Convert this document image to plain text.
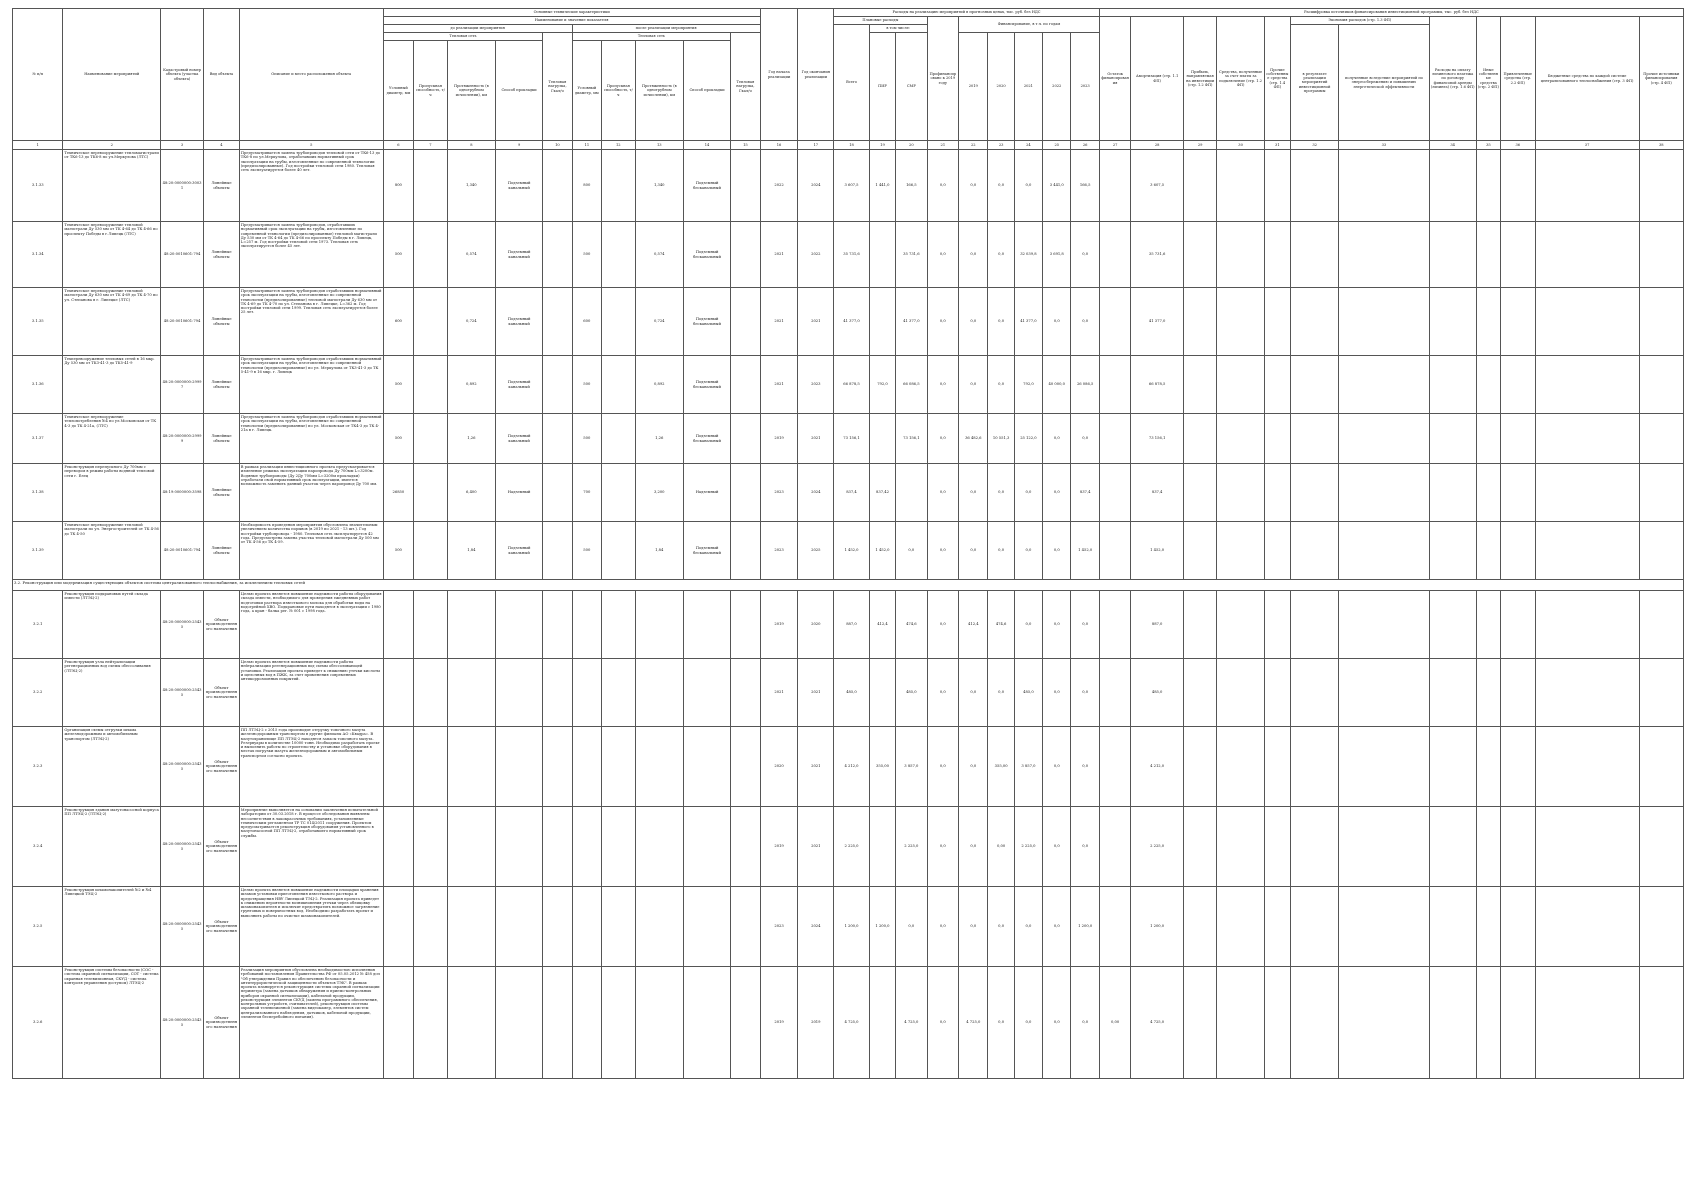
№ п/п	Наименование мероприятий	Кадастровый номер объекта (участка объекта)	Вид объекта	Описание и место расположения объекта	Основные технические характеристики										Год начала реализации	Год окончания реализации	Расходы на реализацию мероприятий в прогнозных ценах, тыс. руб. без НДС									Расшифровка источников финансирования инвестиционной программы, тыс. руб. без НДС											
					Наименование и значение показателя												Плановые расходы			Профинансировано к 2019 году	Финансирование, в т.ч. по годам					Остаток финансирования	Амортизация (стр. 1.1 ФП)	Прибыль, направляемая на инвестиции (стр. 1.2 ФП)	Средства, полученные за счет платы за подключение (стр. 1.2 ФП)	Прочие собственные средства (стр. 1.4 ФП)	Экономия расходов (стр. 1.3 ФП)		Расходы на оплату лизингового платежа по договору финансовой аренды (лизинга) (стр. 1.6 ФП)	Иные собственные средства (стр. 2 ФП)	Привлеченные средства (стр. 2.2 ФП)	Бюджетные средства по каждой системе централизованного теплоснабжения (стр. 3 ФП)	Прочие источники финансирования (стр. 4 ФП)
					до реализации мероприятия					после реализации мероприятия							Всего	в том числе:													в результате реализации мероприятий инвестиционной программы	полученные вследствие мероприятий по энергосбережению и повышению энергетической эффективности					
					Тепловая сеть				Тепловая нагрузка, Гкал/ч	Тепловая сеть				Тепловая нагрузка, Гкал/ч				ПИР	СМР		2019	2020	2021	2022	2023												
					Условный диаметр, мм	Пропускная способность, т/ч	Протяженность (в однотрубном исчислении), км	Способ прокладки		Условный диаметр, мм	Пропускная способность, т/ч	Протяженность (в однотрубном исчислении), км	Способ прокладки																								
1	2	3	4	5	6	7	8	9	10	11	12	13	14	15	16	17	18	19	20	21	22	23	24	25	26	27	28	29	30	31	32	33	34	35	36	37	38
3.1.33	Техническое перевооружение тепломагистрали от ТК6-13 до ТК6-8 по ул.Меркулова (ЛТС)	48:20:0000000:30031	Линейные объекты	Предусматривается замена трубопроводов тепловой сети от ТК6-13 до ТК6-8 по ул.Меркулова, отработавших нормативный срок эксплуатации на трубы, изготовленные по современной технологии (предизолированные). Год постройки тепловой сети 1980. Тепловая сеть эксплуатируется более 40 лет.	800		1,340	Подземный канальный		800		1,340	Подземный бесканальный		2022	2024	3 607,5	1 441,0	166,5	0,0	0,0	0,0	0,0	3 441,0	166,5		3 607,5										
3.1.34	Техническое перевооружение тепловой магистрали Ду 530 мм от ТК 4-64 до ТК 4-66 по проспекту Победы в г.Липецк (ЛТС)	48:20:0010601:794	Линейные объекты	Предусматривается замена трубопроводов, отработавших нормативный срок эксплуатации на трубы, изготовленные по современной технологии (предизолированные) тепловой магистрали Ду 530 мм от ТК 4-64 до ТК 4-66 по проспекту Победы в г. Липецк, L=257 м. Год постройки тепловой сети 1973. Тепловая сеть эксплуатируется более 45 лет.	500		0,574	Подземный канальный		500		0,574	Подземный бесканальный		2021	2022	35 731,6		35 731,6	0,0	0,0	0,0	32 039,8	3 691,8	0,0		35 731,6										
3.1.35	Техническое перевооружение тепловой магистрали Ду 630 мм от ТК 4-69 до ТК 4-70 по ул. Степанова в г. Липецке (ЛТС)	48:20:0010601:794	Линейные объекты	Предусматривается замена трубопроводов отработавших нормативный срок эксплуатации на трубы, изготовленные по современной технологии (предизолированные) тепловой магистрали Ду 630 мм от ТК 4-69 до ТК 4-70 по ул. Степанова в г. Липецке, L=362 м. Год постройки тепловой сети 1999. Тепловая сеть эксплуатируется более 25 лет.	600		0,724	Подземный канальный		600		0,724	Подземный бесканальный		2021	2021	41 377,0		41 377,0	0,0	0,0	0,0	41 377,0	0,0	0,0		41 377,0										
3.1.36	Техперевооружение тепловых сетей в 16 мкр. Ду 530 мм от ТК3-41-3 до ТК5-41-9	48:20:0000000:29997	Линейные объекты	Предусматривается замена трубопроводов отработавших нормативный срок эксплуатации на трубы, изготовленные по современной технологии (предизолированные) по ул. Меркулова от ТК3-41-3 до ТК 5-41-9 в 16 мкр. г. Липецк	500		0,892	Подземный канальный		500		0,892	Подземный бесканальный		2021	2023	66 878,5	792,0	66 086,5	0,0	0,0	0,0	792,0	40 000,0	26 086,5		66 878,5										
3.1.37	Техническое перевооружение теплопотребления №4 по ул.Московская от ТК 4-3 до ТК 4-21а, (ЛТС)	48:20:0000000:29999	Линейные объекты	Предусматривается замена трубопроводов отработавших нормативный срок эксплуатации на трубы, изготовленные по современной технологии (предизолированные) по ул. Московская от ТК4-3 до ТК 4-21а в г. Липецк.	500		1,26	Подземный канальный		500		1,26	Подземный бесканальный		2019	2021	73 156,1		73 156,1	0,0	36 482,6	10 551,3	25 122,0	0,0	0,0		73 156,1										
3.1.38	Реконструкция перепускного Ду 700мм с переводом в режим работы водяной тепловой сети г. Елец	48:19:0000000:3598	Линейные объекты	В рамках реализации инвестиционного проекта предусматривается изменение режима эксплуатации паропровода Ду 700мм L=3200м. Водяные трубопроводы (Ду 2Ду 700мм L=3200м прокладки) отработали свой нормативный срок эксплуатации, имеется возможность заменить данный участок через паропровод Ду 700 мм.	26850		6,400	Надземный		700		3,200	Надземный		2023	2024	837,4	837,42		0,0	0,0	0,0	0,0	0,0	837,4		837,4										
3.1.39	Техническое перевооружение тепловой магистрали по ул. Энергостроителей от ТК 4-56 до ТК 4-50	48:20:0010601:794	Линейные объекты	Необходимость проведения мероприятия обусловлена значительным увеличением количества порывов (в 2019 по 2021 - 13 шт.). Год постройки трубопровода - 1980. Тепловая сеть эксплуатируется 42 года. Предусмотрена замена участка тепловой магистрали Ду 500 мм от ТК 4-56 до ТК 4-59.	500		1,84	Подземный канальный		500		1,84	Подземный бесканальный		2023	2025	1 452,0	1 452,0	0,0	0,0	0,0	0,0	0,0	0,0	1 452,0		1 452,0										
3.2. Реконструкция или модернизация существующих объектов системы централизованного теплоснабжения, за исключением тепловых сетей																																					
3.2.1	Реконструкция подкрановых путей склада извести (ЛТЭЦ-2)	48:20:0000000:25435	Объект производственного назначения	Целью проекта является повышение надежности работы оборудования склада извести, необходимого для проведения ежедневных работ подготовки раствора известкового молока для обработки воды на водогрейной ХВО. Подкрановые пути находятся в эксплуатации с 1980 года, а кран - балка рег. № 001 с 1998 года.											2019	2020	887,0	412,4	474,6	0,0	412,4	474,6	0,0	0,0	0,0		887,0										
3.2.2	Реконструкция узла нейтрализации регенерационных вод схемы обессоливания (ЛТЭЦ-2)	48:20:0000000:25435	Объект производственного назначения	Целью проекта является повышение надежности работы нейтрализации регенерационных вод схемы обессоливающей установки. Реализация проекта приведет к снижению утечки кислоты и щелочных вод в ПЖК, за счет применения современных антикоррозионных покрытий.											2021	2021	485,0		485,0	0,0	0,0	0,0	485,0	0,0	0,0		485,0										
3.2.3	Организация схемы отгрузки шлама железнодорожным и автомобильным транспортом (ЛТЭЦ-2)	48:20:0000000:25435	Объект производственного назначения	ПП ЛТЭЦ-2 с 2015 года производит отгрузку топочного мазута железнодорожным транспортом в другие филиалы АО «Квадра». В мазутохранилище ПП ЛТЭЦ-2 находятся запасы топочного мазута. Резервуары в количестве 10000 тонн. Необходимо разработать проект и выполнить работы по строительству и установке оборудования в местах погрузки мазута железнодорожным и автомобильным транспортом согласно проекта.											2020	2021	4 212,0	355,00	3 857,0	0,0	0,0	355,00	3 857,0	0,0	0,0		4 212,0										
3.2.4	Реконструкция здания мазутонасосной корпуса ПП ЛТЭЦ-2 (ЛТЭЦ-2)	48:20:0000000:25435	Объект производственного назначения	Мероприятие выполняется на основании заключения испытательной лаборатории от 30.03.2018 г. В процессе обследования выявлены несоответствия в лакокрасочных требованиях, установленные техническим регламентом ТР ТС 014/2011 сооружения. Проектом предусматривается реконструкция оборудования установленного в мазутонасосной ПП ЛТЭЦ-2, отработавшего нормативный срок службы.											2019	2021	2 225,0		2 225,0	0,0	0,0	0,00	2 225,0	0,0	0,0		2 225,0										
3.2.5	Реконструкция шламонакопителей №2 и №4 Липецкой ТЭЦ-2	48:20:0000000:25435	Объект производственного назначения	Целью проекта является повышение надежности площадки хранения шламов установки приготовления известкового раствора и предотвращения НВУ Липецкой ТЭЦ-2. Реализация проекта приведет к снижению вероятности возникновения утечки через облицовку шламонакопителя и исключит предотвратить возможное загрязнение грунтовых и поверхностных вод. Необходимо разработать проект и выполнить работы по очистке шламонакопителей.											2023	2024	1 200,0	1 200,0	0,0	0,0	0,0	0,0	0,0	0,0	1 200,0		1 200,0										
3.2.6	Реконструкция системы безопасности (СОС - система охранной сигнализации, СОТ - система охранная телевизионная, СКУД - система контроля управления доступом) ЛТЭЦ-2	48:20:0000000:25435	Объект производственного назначения	Реализация мероприятия обусловлена необходимостью исполнения требований постановления Правительства РФ от 05.05.2012 № 458 дсп "Об утверждении Правил по обеспечению безопасности и антитеррористической защищенности объектов ТЭК". В рамках проекта планируется реконструкция системы охранной сигнализации периметра (замена датчиков обнаружения и приемо-контрольных приборов охранной сигнализации), кабельной продукции, реконструкция элементов СКУД (замена программного обеспечения, контрольных устройств, считывателей), реконструкция системы охранной телевизионной (замена видеокамер, элементов систем централизованного наблюдения, датчиков, кабельной продукции, элементов бесперебойного питания).											2019	2019	4 725,0		4 725,0	0,0	4 725,0	0,0	0,0	0,0	0,0	0,00	4 725,0										
